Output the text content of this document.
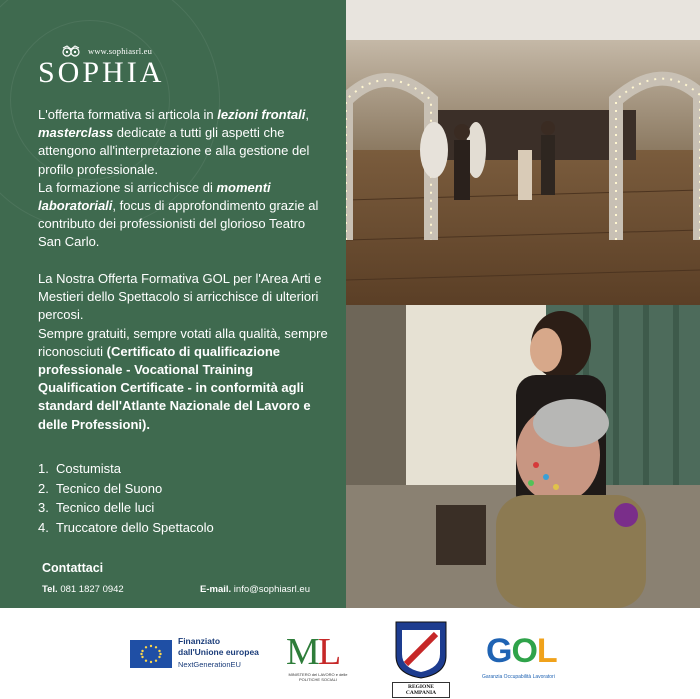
www.sophiasrl.eu
SOPHIA
L'offerta formativa si articola in lezioni frontali, masterclass dedicate a tutti gli aspetti che attengono all'interpretazione e alla gestione del profilo professionale.
La formazione si arricchisce di momenti laboratoriali, focus di approfondimento grazie al contributo dei professionisti del glorioso Teatro San Carlo.
La Nostra Offerta Formativa GOL per l'Area Arti e Mestieri dello Spettacolo si arricchisce di ulteriori percosi.
Sempre gratuiti, sempre votati alla qualità, sempre riconosciuti (Certificato di qualificazione professionale - Vocational Training Qualification Certificate - in conformità agli standard dell'Atlante Nazionale del Lavoro e delle Professioni).
1. Costumista
2. Tecnico del Suono
3. Tecnico delle luci
4. Truccatore dello Spettacolo
Contattaci
Tel. 081 1827 0942	E-mail. info@sophiasrl.eu
Finanziato
dall'Unione europea
NextGenerationEU M
L
MINISTERO del LAVORO e delle POLITICHE SOCIALI
REGIONE CAMPANIA
GOL
Garanzia Occupabilità Lavoratori
